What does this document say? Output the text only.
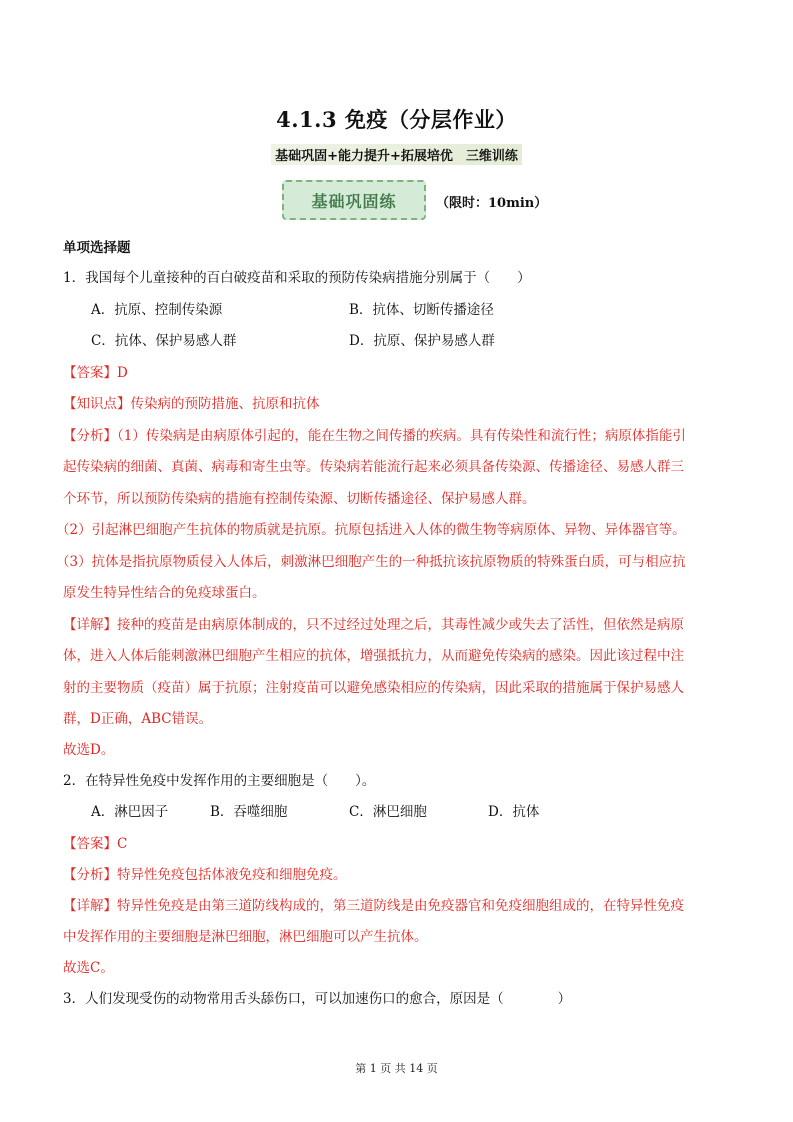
4.1.3 免疫（分层作业）
基础巩固+能力提升+拓展培优　三维训练
基础巩固练	（限时：10min）
单项选择题
1．我国每个儿童接种的百白破疫苗和采取的预防传染病措施分别属于（　　）
A．抗原、控制传染源	B．抗体、切断传播途径
C．抗体、保护易感人群	D．抗原、保护易感人群
【答案】D
【知识点】传染病的预防措施、抗原和抗体
【分析】（1）传染病是由病原体引起的，能在生物之间传播的疾病。具有传染性和流行性；病原体指能引
起传染病的细菌、真菌、病毒和寄生虫等。传染病若能流行起来必须具备传染源、传播途径、易感人群三
个环节，所以预防传染病的措施有控制传染源、切断传播途径、保护易感人群。
（2）引起淋巴细胞产生抗体的物质就是抗原。抗原包括进入人体的微生物等病原体、异物、异体器官等。
（3）抗体是指抗原物质侵入人体后，刺激淋巴细胞产生的一种抵抗该抗原物质的特殊蛋白质，可与相应抗
原发生特异性结合的免疫球蛋白。
【详解】接种的疫苗是由病原体制成的，只不过经过处理之后，其毒性减少或失去了活性，但依然是病原
体，进入人体后能刺激淋巴细胞产生相应的抗体，增强抵抗力，从而避免传染病的感染。因此该过程中注
射的主要物质（疫苗）属于抗原；注射疫苗可以避免感染相应的传染病，因此采取的措施属于保护易感人
群，D正确，ABC错误。
故选D。
2．在特异性免疫中发挥作用的主要细胞是（　　）。
A．淋巴因子	B．吞噬细胞	C．淋巴细胞	D．抗体
【答案】C
【分析】特异性免疫包括体液免疫和细胞免疫。
【详解】特异性免疫是由第三道防线构成的，第三道防线是由免疫器官和免疫细胞组成的，在特异性免疫
中发挥作用的主要细胞是淋巴细胞，淋巴细胞可以产生抗体。
故选C。
3．人们发现受伤的动物常用舌头舔伤口，可以加速伤口的愈合，原因是（　　　　）
第 1 页 共 14 页
